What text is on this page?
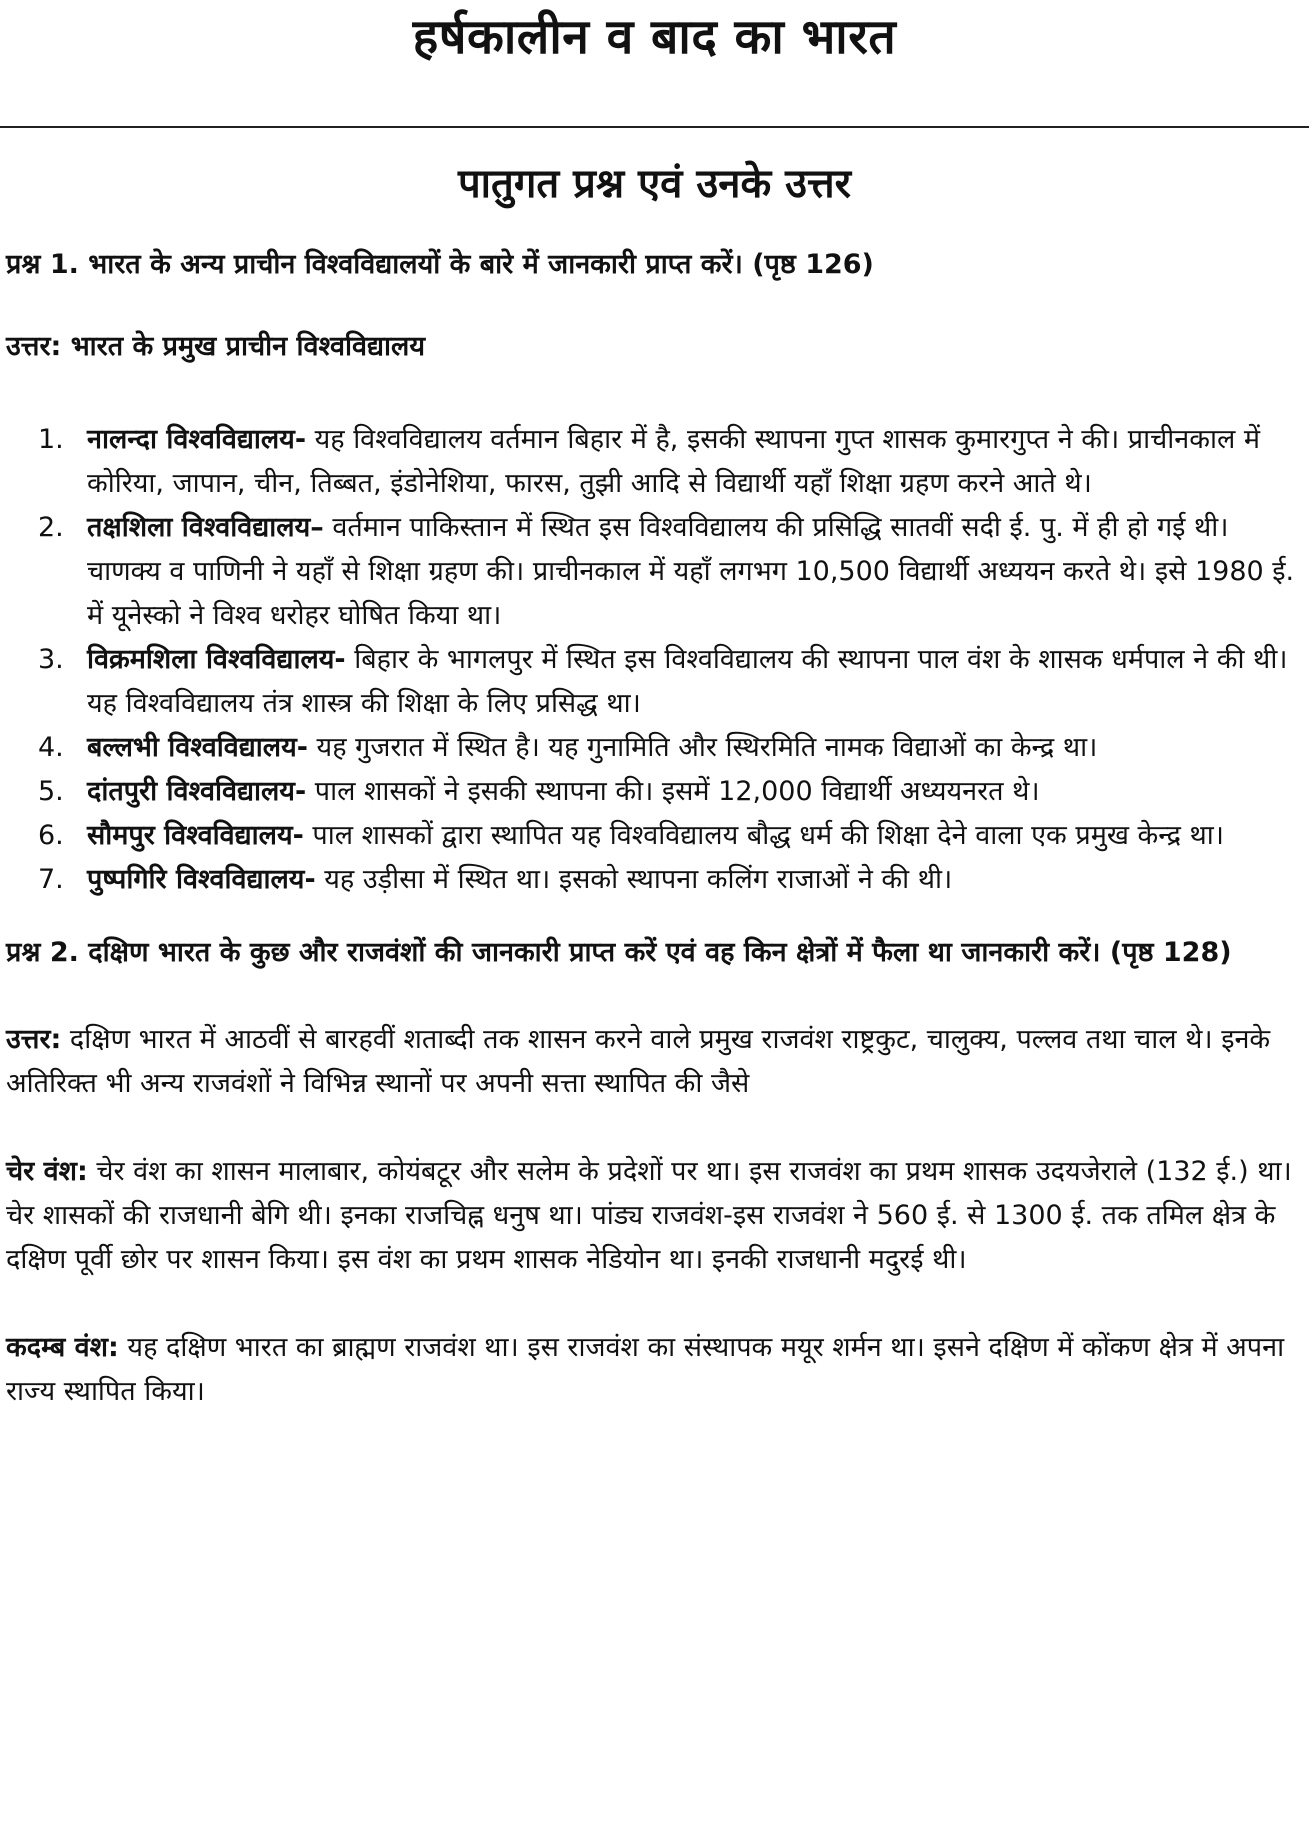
हर्षकालीन व बाद का भारत
पातुगत प्रश्न एवं उनके उत्तर
प्रश्न 1. भारत के अन्य प्राचीन विश्वविद्यालयों के बारे में जानकारी प्राप्त करें। (पृष्ठ 126)
उत्तर: भारत के प्रमुख प्राचीन विश्वविद्यालय
1. नालन्दा विश्वविद्यालय- यह विश्वविद्यालय वर्तमान बिहार में है, इसकी स्थापना गुप्त शासक कुमारगुप्त ने की। प्राचीनकाल में कोरिया, जापान, चीन, तिब्बत, इंडोनेशिया, फारस, तुझी आदि से विद्यार्थी यहाँ शिक्षा ग्रहण करने आते थे।
2. तक्षशिला विश्वविद्यालय– वर्तमान पाकिस्तान में स्थित इस विश्वविद्यालय की प्रसिद्धि सातवीं सदी ई. पु. में ही हो गई थी। चाणक्य व पाणिनी ने यहाँ से शिक्षा ग्रहण की। प्राचीनकाल में यहाँ लगभग 10,500 विद्यार्थी अध्ययन करते थे। इसे 1980 ई. में यूनेस्को ने विश्व धरोहर घोषित किया था।
3. विक्रमशिला विश्वविद्यालय- बिहार के भागलपुर में स्थित इस विश्वविद्यालय की स्थापना पाल वंश के शासक धर्मपाल ने की थी। यह विश्वविद्यालय तंत्र शास्त्र की शिक्षा के लिए प्रसिद्ध था।
4. बल्लभी विश्वविद्यालय- यह गुजरात में स्थित है। यह गुनामिति और स्थिरमिति नामक विद्याओं का केन्द्र था।
5. दांतपुरी विश्वविद्यालय- पाल शासकों ने इसकी स्थापना की। इसमें 12,000 विद्यार्थी अध्ययनरत थे।
6. सौमपुर विश्वविद्यालय- पाल शासकों द्वारा स्थापित यह विश्वविद्यालय बौद्ध धर्म की शिक्षा देने वाला एक प्रमुख केन्द्र था।
7. पुष्पगिरि विश्वविद्यालय- यह उड़ीसा में स्थित था। इसको स्थापना कलिंग राजाओं ने की थी।
प्रश्न 2. दक्षिण भारत के कुछ और राजवंशों की जानकारी प्राप्त करें एवं वह किन क्षेत्रों में फैला था जानकारी करें। (पृष्ठ 128)
उत्तर: दक्षिण भारत में आठवीं से बारहवीं शताब्दी तक शासन करने वाले प्रमुख राजवंश राष्ट्रकुट, चालुक्य, पल्लव तथा चाल थे। इनके अतिरिक्त भी अन्य राजवंशों ने विभिन्न स्थानों पर अपनी सत्ता स्थापित की जैसे
चेर वंश: चेर वंश का शासन मालाबार, कोयंबटूर और सलेम के प्रदेशों पर था। इस राजवंश का प्रथम शासक उदयजेराले (132 ई.) था। चेर शासकों की राजधानी बेगि थी। इनका राजचिह्न धनुष था। पांड्य राजवंश-इस राजवंश ने 560 ई. से 1300 ई. तक तमिल क्षेत्र के दक्षिण पूर्वी छोर पर शासन किया। इस वंश का प्रथम शासक नेडियोन था। इनकी राजधानी मदुरई थी।
कदम्ब वंश: यह दक्षिण भारत का ब्राह्मण राजवंश था। इस राजवंश का संस्थापक मयूर शर्मन था। इसने दक्षिण में कोंकण क्षेत्र में अपना राज्य स्थापित किया।
